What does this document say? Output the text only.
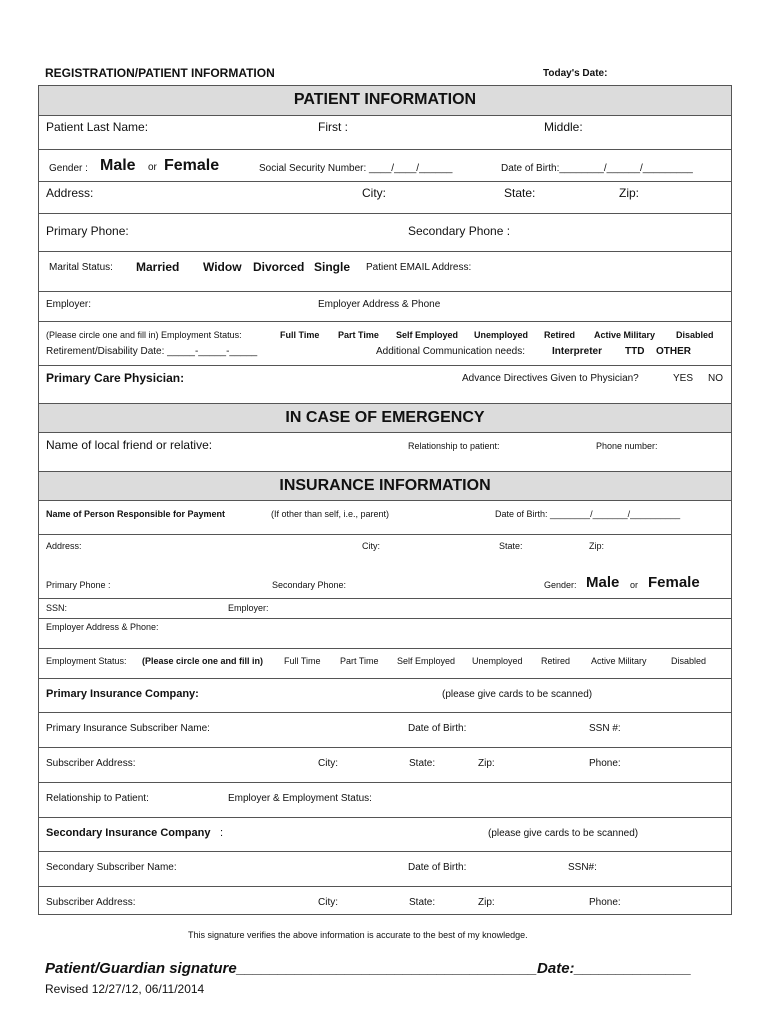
REGISTRATION/PATIENT INFORMATION	Today's Date:
PATIENT INFORMATION
Patient Last Name:	First :	Middle:
Gender : Male or Female	Social Security Number: ____/____/______	Date of Birth:________/______/_________
Address:	City:	State:	Zip:
Primary Phone:	Secondary Phone :
Marital Status: Married Widow Divorced Single Patient EMAIL Address:
Employer:	Employer Address & Phone
(Please circle one and fill in) Employment Status:	Full Time Part Time Self Employed Unemployed Retired Active Military Disabled
Retirement/Disability Date: _____-_____-_____	Additional Communication needs:	Interpreter TTD OTHER
Primary Care Physician:	Advance Directives Given to Physician?	YES NO
IN CASE OF EMERGENCY
Name of local friend or relative:	Relationship to patient:	Phone number:
INSURANCE INFORMATION
Name of Person Responsible for Payment	(If other than self, i.e., parent)	Date of Birth: ________/_______/__________
Address:	City:	State:	Zip:
Primary Phone :	Secondary Phone:	Gender: Male or Female
SSN:	Employer:
Employer Address & Phone:
Employment Status: (Please circle one and fill in) Full Time Part Time Self Employed Unemployed Retired Active Military	Disabled
Primary Insurance Company:	(please give cards to be scanned)
Primary Insurance Subscriber Name:	Date of Birth:	SSN #:
Subscriber Address:	City:	State:	Zip:	Phone:
Relationship to Patient:	Employer & Employment Status:
Secondary Insurance Company :	(please give cards to be scanned)
Secondary Subscriber Name:	Date of Birth:	SSN#:
Subscriber Address:	City:	State:	Zip:	Phone:
This signature verifies the above information is accurate to the best of my knowledge.
Patient/Guardian signature____________________________________Date:______________
Revised 12/27/12, 06/11/2014
